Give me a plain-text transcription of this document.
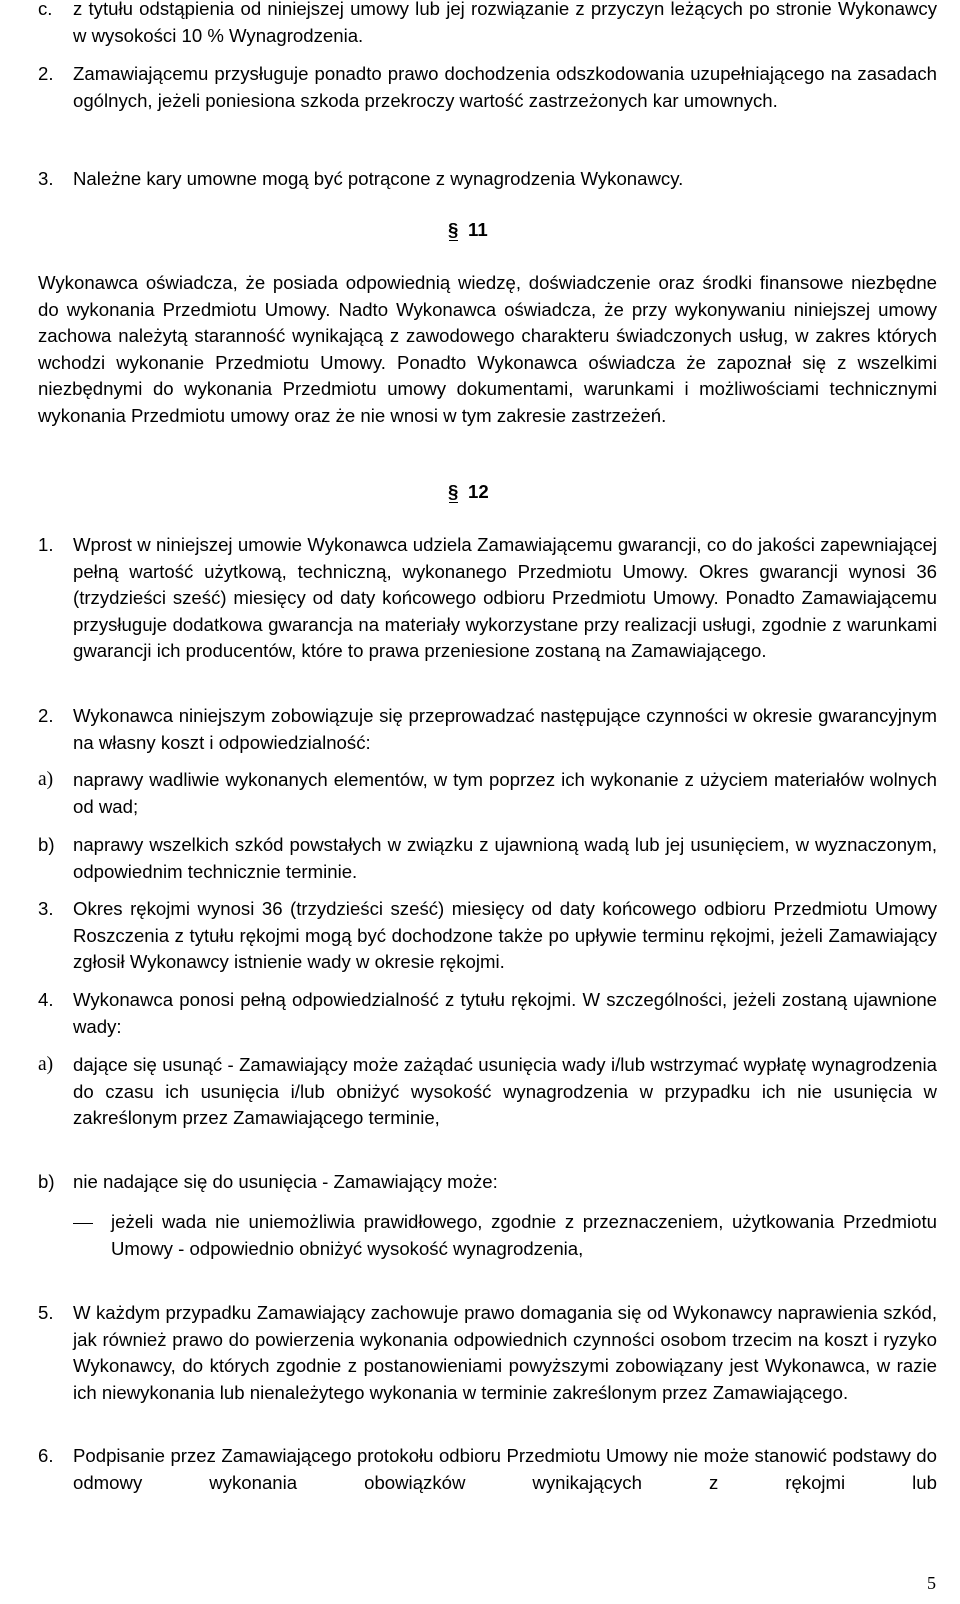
c. z tytułu odstąpienia od niniejszej umowy lub jej rozwiązanie z przyczyn leżących po stronie Wykonawcy w wysokości 10 % Wynagrodzenia.
2. Zamawiającemu przysługuje ponadto prawo dochodzenia odszkodowania uzupełniającego na zasadach ogólnych, jeżeli poniesiona szkoda przekroczy wartość zastrzeżonych kar umownych.
3. Należne kary umowne mogą być potrącone z wynagrodzenia Wykonawcy.
§ 11
Wykonawca oświadcza, że posiada odpowiednią wiedzę, doświadczenie oraz środki finansowe niezbędne do wykonania Przedmiotu Umowy. Nadto Wykonawca oświadcza, że przy wykonywaniu niniejszej umowy zachowa należytą staranność wynikającą z zawodowego charakteru świadczonych usług, w zakres których wchodzi wykonanie Przedmiotu Umowy. Ponadto Wykonawca oświadcza że zapoznał się z wszelkimi niezbędnymi do wykonania Przedmiotu umowy dokumentami, warunkami i możliwościami technicznymi wykonania Przedmiotu umowy oraz że nie wnosi w tym zakresie zastrzeżeń.
§ 12
1. Wprost w niniejszej umowie Wykonawca udziela Zamawiającemu gwarancji, co do jakości zapewniającej pełną wartość użytkową, techniczną, wykonanego Przedmiotu Umowy. Okres gwarancji wynosi 36 (trzydzieści sześć) miesięcy od daty końcowego odbioru Przedmiotu Umowy. Ponadto Zamawiającemu przysługuje dodatkowa gwarancja na materiały wykorzystane przy realizacji usługi, zgodnie z warunkami gwarancji ich producentów, które to prawa przeniesione zostaną na Zamawiającego.
2. Wykonawca niniejszym zobowiązuje się przeprowadzać następujące czynności w okresie gwarancyjnym na własny koszt i odpowiedzialność:
a) naprawy wadliwie wykonanych elementów, w tym poprzez ich wykonanie z użyciem materiałów wolnych od wad;
b) naprawy wszelkich szkód powstałych w związku z ujawnioną wadą lub jej usunięciem, w wyznaczonym, odpowiednim technicznie terminie.
3. Okres rękojmi wynosi 36 (trzydzieści sześć) miesięcy od daty końcowego odbioru Przedmiotu Umowy Roszczenia z tytułu rękojmi mogą być dochodzone także po upływie terminu rękojmi, jeżeli Zamawiający zgłosił Wykonawcy istnienie wady w okresie rękojmi.
4. Wykonawca ponosi pełną odpowiedzialność z tytułu rękojmi. W szczególności, jeżeli zostaną ujawnione wady:
a) dające się usunąć - Zamawiający może zażądać usunięcia wady i/lub wstrzymać wypłatę wynagrodzenia do czasu ich usunięcia i/lub obniżyć wysokość wynagrodzenia w przypadku ich nie usunięcia w zakreślonym przez Zamawiającego terminie,
b) nie nadające się do usunięcia - Zamawiający może:
jeżeli wada nie uniemożliwia prawidłowego, zgodnie z przeznaczeniem, użytkowania Przedmiotu Umowy - odpowiednio obniżyć wysokość wynagrodzenia,
5. W każdym przypadku Zamawiający zachowuje prawo domagania się od Wykonawcy naprawienia szkód, jak również prawo do powierzenia wykonania odpowiednich czynności osobom trzecim na koszt i ryzyko Wykonawcy, do których zgodnie z postanowieniami powyższymi zobowiązany jest Wykonawca, w razie ich niewykonania lub nienależytego wykonania w terminie zakreślonym przez Zamawiającego.
6. Podpisanie przez Zamawiającego protokołu odbioru Przedmiotu Umowy nie może stanowić podstawy do odmowy wykonania obowiązków wynikających z rękojmi lub
5
